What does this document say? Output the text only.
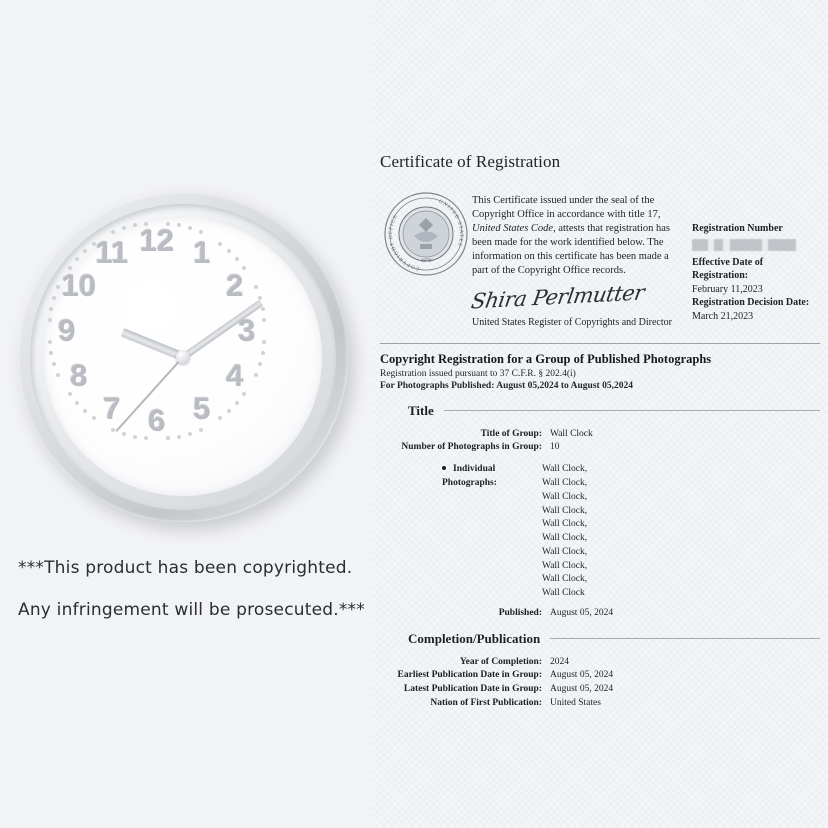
12 1
2
3
4
5
6
7
8
9
10
11
***This product has been copyrighted.
Any infringement will be prosecuted.***
Certificate of Registration
UNITED STATES
COPYRIGHT OFFICE
1870
This Certificate issued under the seal of the Copyright Office in accordance with title 17, United States Code, attests that registration has been made for the work identified below. The information on this certificate has been made a part of the Copyright Office records.
Shira Perlmutter
United States Register of Copyrights and Director
Registration Number
Effective Date of Registration:
February 11,2023
Registration Decision Date:
March 21,2023
Copyright Registration for a Group of Published Photographs
Registration issued pursuant to 37 C.F.R. § 202.4(i)
For Photographs Published: August 05,2024 to August 05,2024
Title
Title of Group: Wall Clock
Number of Photographs in Group: 10
Individual Photographs:
Wall Clock,
Wall Clock,
Wall Clock,
Wall Clock,
Wall Clock,
Wall Clock,
Wall Clock,
Wall Clock,
Wall Clock,
Wall Clock
Published: August 05, 2024
Completion/Publication
Year of Completion: 2024
Earliest Publication Date in Group: August 05, 2024
Latest Publication Date in Group: August 05, 2024
Nation of First Publication: United States
